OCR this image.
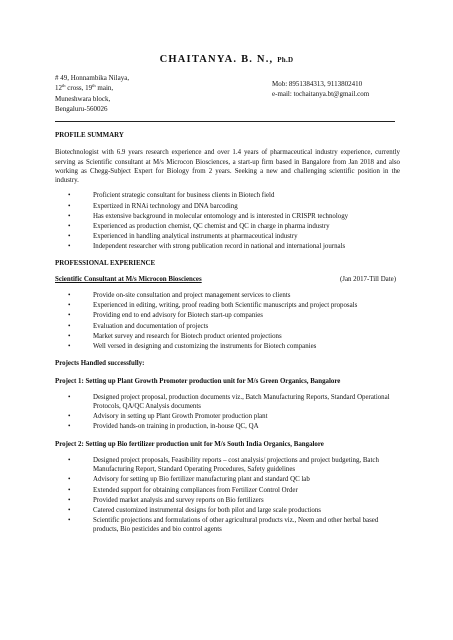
CHAITANYA. B. N., Ph.D
# 49, Honnambika Nilaya,
12th cross, 19th main,
Muneshwara block,
Bengaluru-560026
Mob: 8951384313, 9113802410
e-mail: tochaitanya.bt@gmail.com

PROFILE SUMMARY

Biotechnologist with 6.9 years research experience and over 1.4 years of pharmaceutical industry experience, currently serving as Scientific consultant at M/s Microcon Biosciences, a start-up firm based in Bangalore from Jan 2018 and also working as Chegg-Subject Expert for Biology from 2 years. Seeking a new and challenging scientific position in the industry.

• Proficient strategic consultant for business clients in Biotech field
• Expertized in RNAi technology and DNA barcoding
• Has extensive background in molecular entomology and is interested in CRISPR technology
• Experienced as production chemist, QC chemist and QC in charge in pharma industry
• Experienced in handling analytical instruments at pharmaceutical industry
• Independent researcher with strong publication record in national and international journals

PROFESSIONAL EXPERIENCE

Scientific Consultant at M/s Microcon Biosciences	(Jan 2017-Till Date)
• Provide on-site consultation and project management services to clients
• Experienced in editing, writing, proof reading both Scientific manuscripts and project proposals
• Providing end to end advisory for Biotech start-up companies
• Evaluation and documentation of projects
• Market survey and research for Biotech product oriented projections
• Well versed in designing and customizing the instruments for Biotech companies

Projects Handled successfully:

Project 1: Setting up Plant Growth Promoter production unit for M/s Green Organics, Bangalore

• Designed project proposal, production documents viz., Batch Manufacturing Reports, Standard Operational Protocols, QA/QC Analysis documents
• Advisory in setting up Plant Growth Promoter production plant
• Provided hands-on training in production, in-house QC, QA

Project 2: Setting up Bio fertilizer production unit for M/s South India Organics, Bangalore

• Designed project proposals, Feasibility reports – cost analysis/ projections and project budgeting, Batch Manufacturing Report, Standard Operating Procedures, Safety guidelines
• Advisory for setting up Bio fertilizer manufacturing plant and standard QC lab
• Extended support for obtaining compliances from Fertilizer Control Order
• Provided market analysis and survey reports on Bio fertilizers
• Catered customized instrumental designs for both pilot and large scale productions
• Scientific projections and formulations of other agricultural products viz., Neem and other herbal based products, Bio pesticides and bio control agents
